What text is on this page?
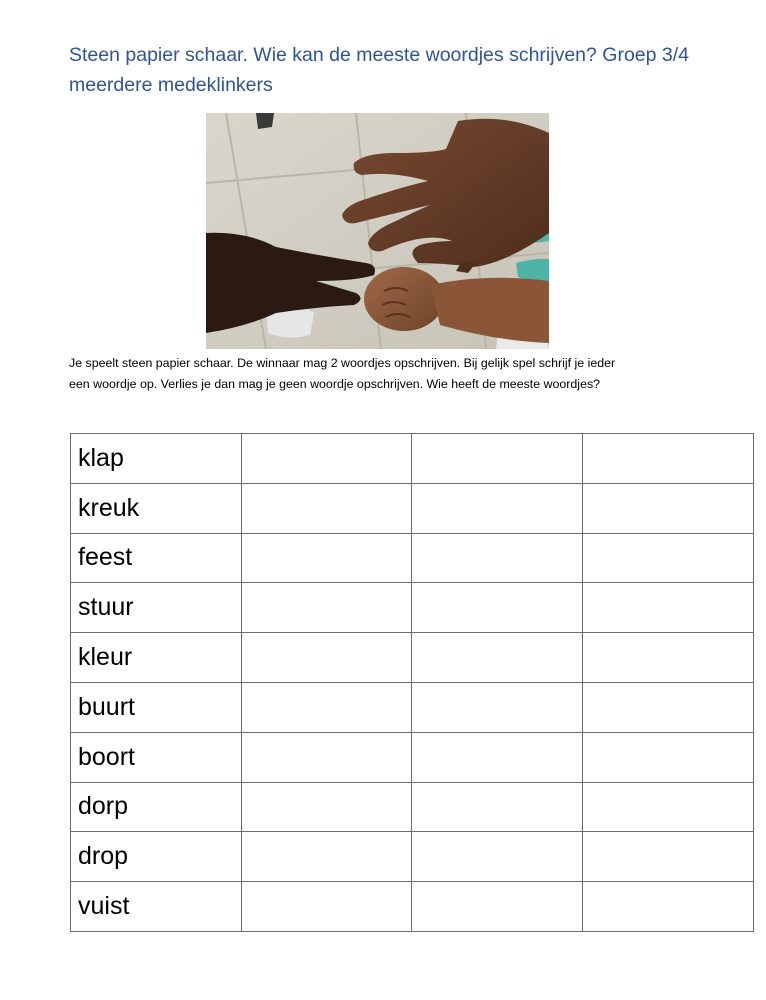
Steen papier schaar. Wie kan de meeste woordjes schrijven? Groep 3/4 meerdere medeklinkers

Je speelt steen papier schaar. De winnaar mag 2 woordjes opschrijven. Bij gelijk spel schrijf je ieder
een woordje op. Verlies je dan mag je geen woordje opschrijven. Wie heeft de meeste woordjes?

klap			
kreuk			
feest			
stuur			
kleur			
buurt			
boort			
dorp			
drop			
vuist			
